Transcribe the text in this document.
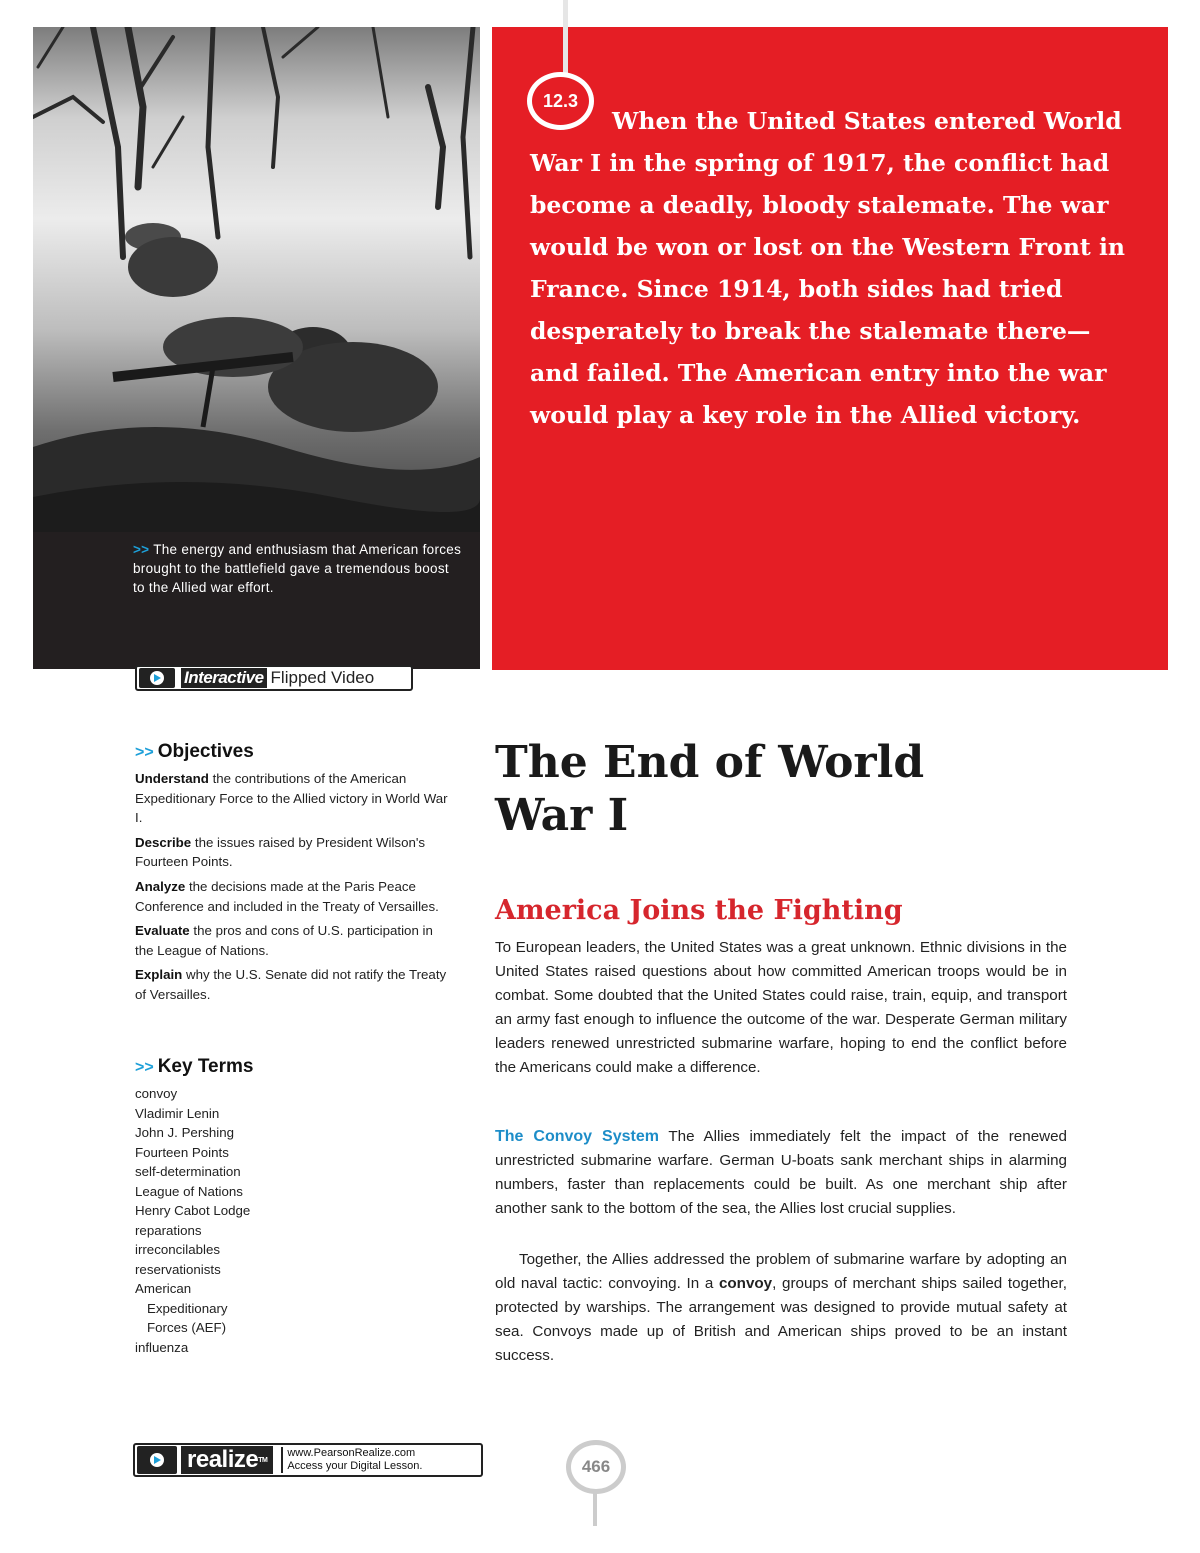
>> The energy and enthusiasm that American forces brought to the battlefield gave a tremendous boost to the Allied war effort.

Interactive Flipped Video
12.3

When the United States entered World War I in the spring of 1917, the conflict had become a deadly, bloody stalemate. The war would be won or lost on the Western Front in France. Since 1914, both sides had tried desperately to break the stalemate there—and failed. The American entry into the war would play a key role in the Allied victory.

>> Objectives
Understand the contributions of the American Expeditionary Force to the Allied victory in World War I.
Describe the issues raised by President Wilson's Fourteen Points.
Analyze the decisions made at the Paris Peace Conference and included in the Treaty of Versailles.
Evaluate the pros and cons of U.S. participation in the League of Nations.
Explain why the U.S. Senate did not ratify the Treaty of Versailles.
>> Key Terms
convoy
Vladimir Lenin
John J. Pershing
Fourteen Points
self-determination
League of Nations
Henry Cabot Lodge
reparations
irreconcilables
reservationists
American
Expeditionary
Forces (AEF)
influenza
The End of World
War I
America Joins the Fighting

To European leaders, the United States was a great unknown. Ethnic divisions in the United States raised questions about how committed American troops would be in combat. Some doubted that the United States could raise, train, equip, and transport an army fast enough to influence the outcome of the war. Desperate German military leaders renewed unrestricted submarine warfare, hoping to end the conflict before the Americans could make a difference.

The Convoy System The Allies immediately felt the impact of the renewed unrestricted submarine warfare. German U-boats sank merchant ships in alarming numbers, faster than replacements could be built. As one merchant ship after another sank to the bottom of the sea, the Allies lost crucial supplies.

Together, the Allies addressed the problem of submarine warfare by adopting an old naval tactic: convoying. In a convoy, groups of merchant ships sailed together, protected by warships. The arrangement was designed to provide mutual safety at sea. Convoys made up of British and American ships proved to be an instant success.

realize TM
www.PearsonRealize.com
Access your Digital Lesson.	466
